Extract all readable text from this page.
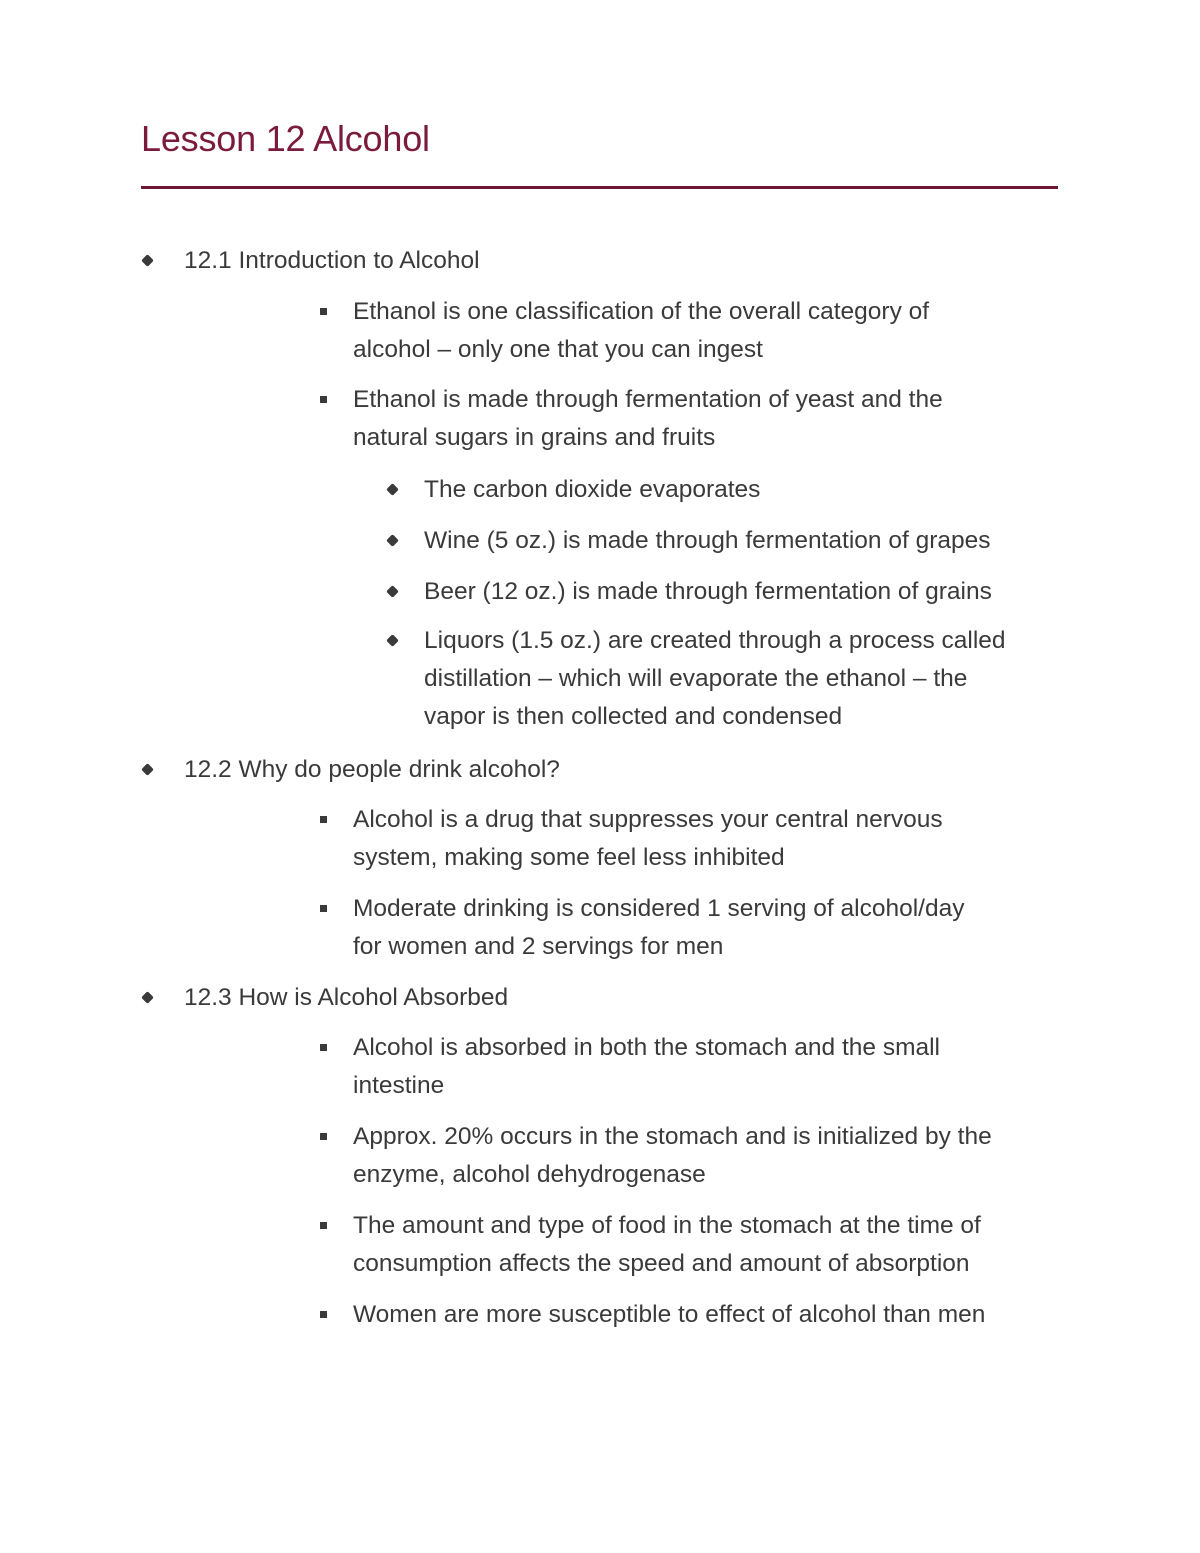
Lesson 12 Alcohol
12.1 Introduction to Alcohol
Ethanol is one classification of the overall category of
alcohol – only one that you can ingest
Ethanol is made through fermentation of yeast and the
natural sugars in grains and fruits
The carbon dioxide evaporates
Wine (5 oz.) is made through fermentation of grapes
Beer (12 oz.) is made through fermentation of grains
Liquors (1.5 oz.) are created through a process called
distillation – which will evaporate the ethanol – the
vapor is then collected and condensed
12.2 Why do people drink alcohol?
Alcohol is a drug that suppresses your central nervous
system, making some feel less inhibited
Moderate drinking is considered 1 serving of alcohol/day
for women and 2 servings for men
12.3 How is Alcohol Absorbed
Alcohol is absorbed in both the stomach and the small
intestine
Approx. 20% occurs in the stomach and is initialized by the
enzyme, alcohol dehydrogenase
The amount and type of food in the stomach at the time of
consumption affects the speed and amount of absorption
Women are more susceptible to effect of alcohol than men
